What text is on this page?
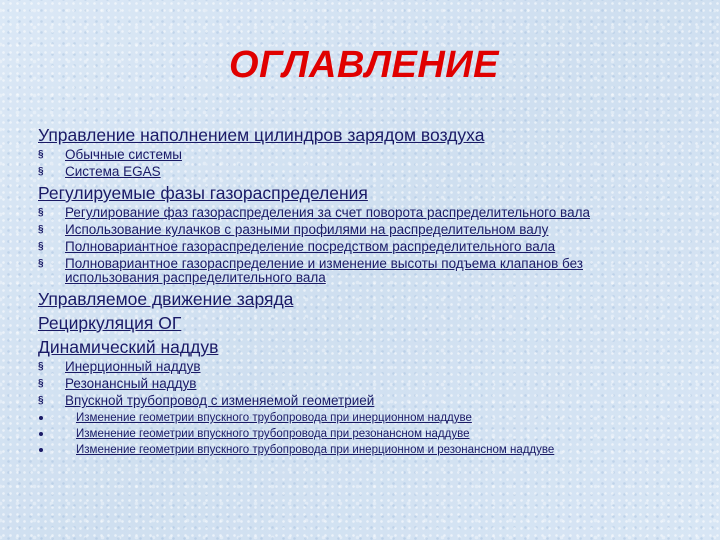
ОГЛАВЛЕНИЕ
Управление наполнением цилиндров зарядом воздуха
§ Обычные системы
§ Система EGAS
Регулируемые фазы газораспределения
§ Регулирование фаз газораспределения за счет поворота распределительного вала
§ Использование кулачков с разными профилями на распределительном валу
§ Полновариантное газораспределение посредством распределительного вала
§ Полновариантное газораспределение и изменение высоты подъема клапанов без использования распределительного вала
Управляемое движение заряда
Рециркуляция ОГ
Динамический наддув
§ Инерционный наддув
§ Резонансный наддув
§ Впускной трубопровод с изменяемой геометрией
Изменение геометрии впускного трубопровода при инерционном наддуве
Изменение геометрии впускного трубопровода при резонансном наддуве
Изменение геометрии впускного трубопровода при инерционном и резонансном наддуве
